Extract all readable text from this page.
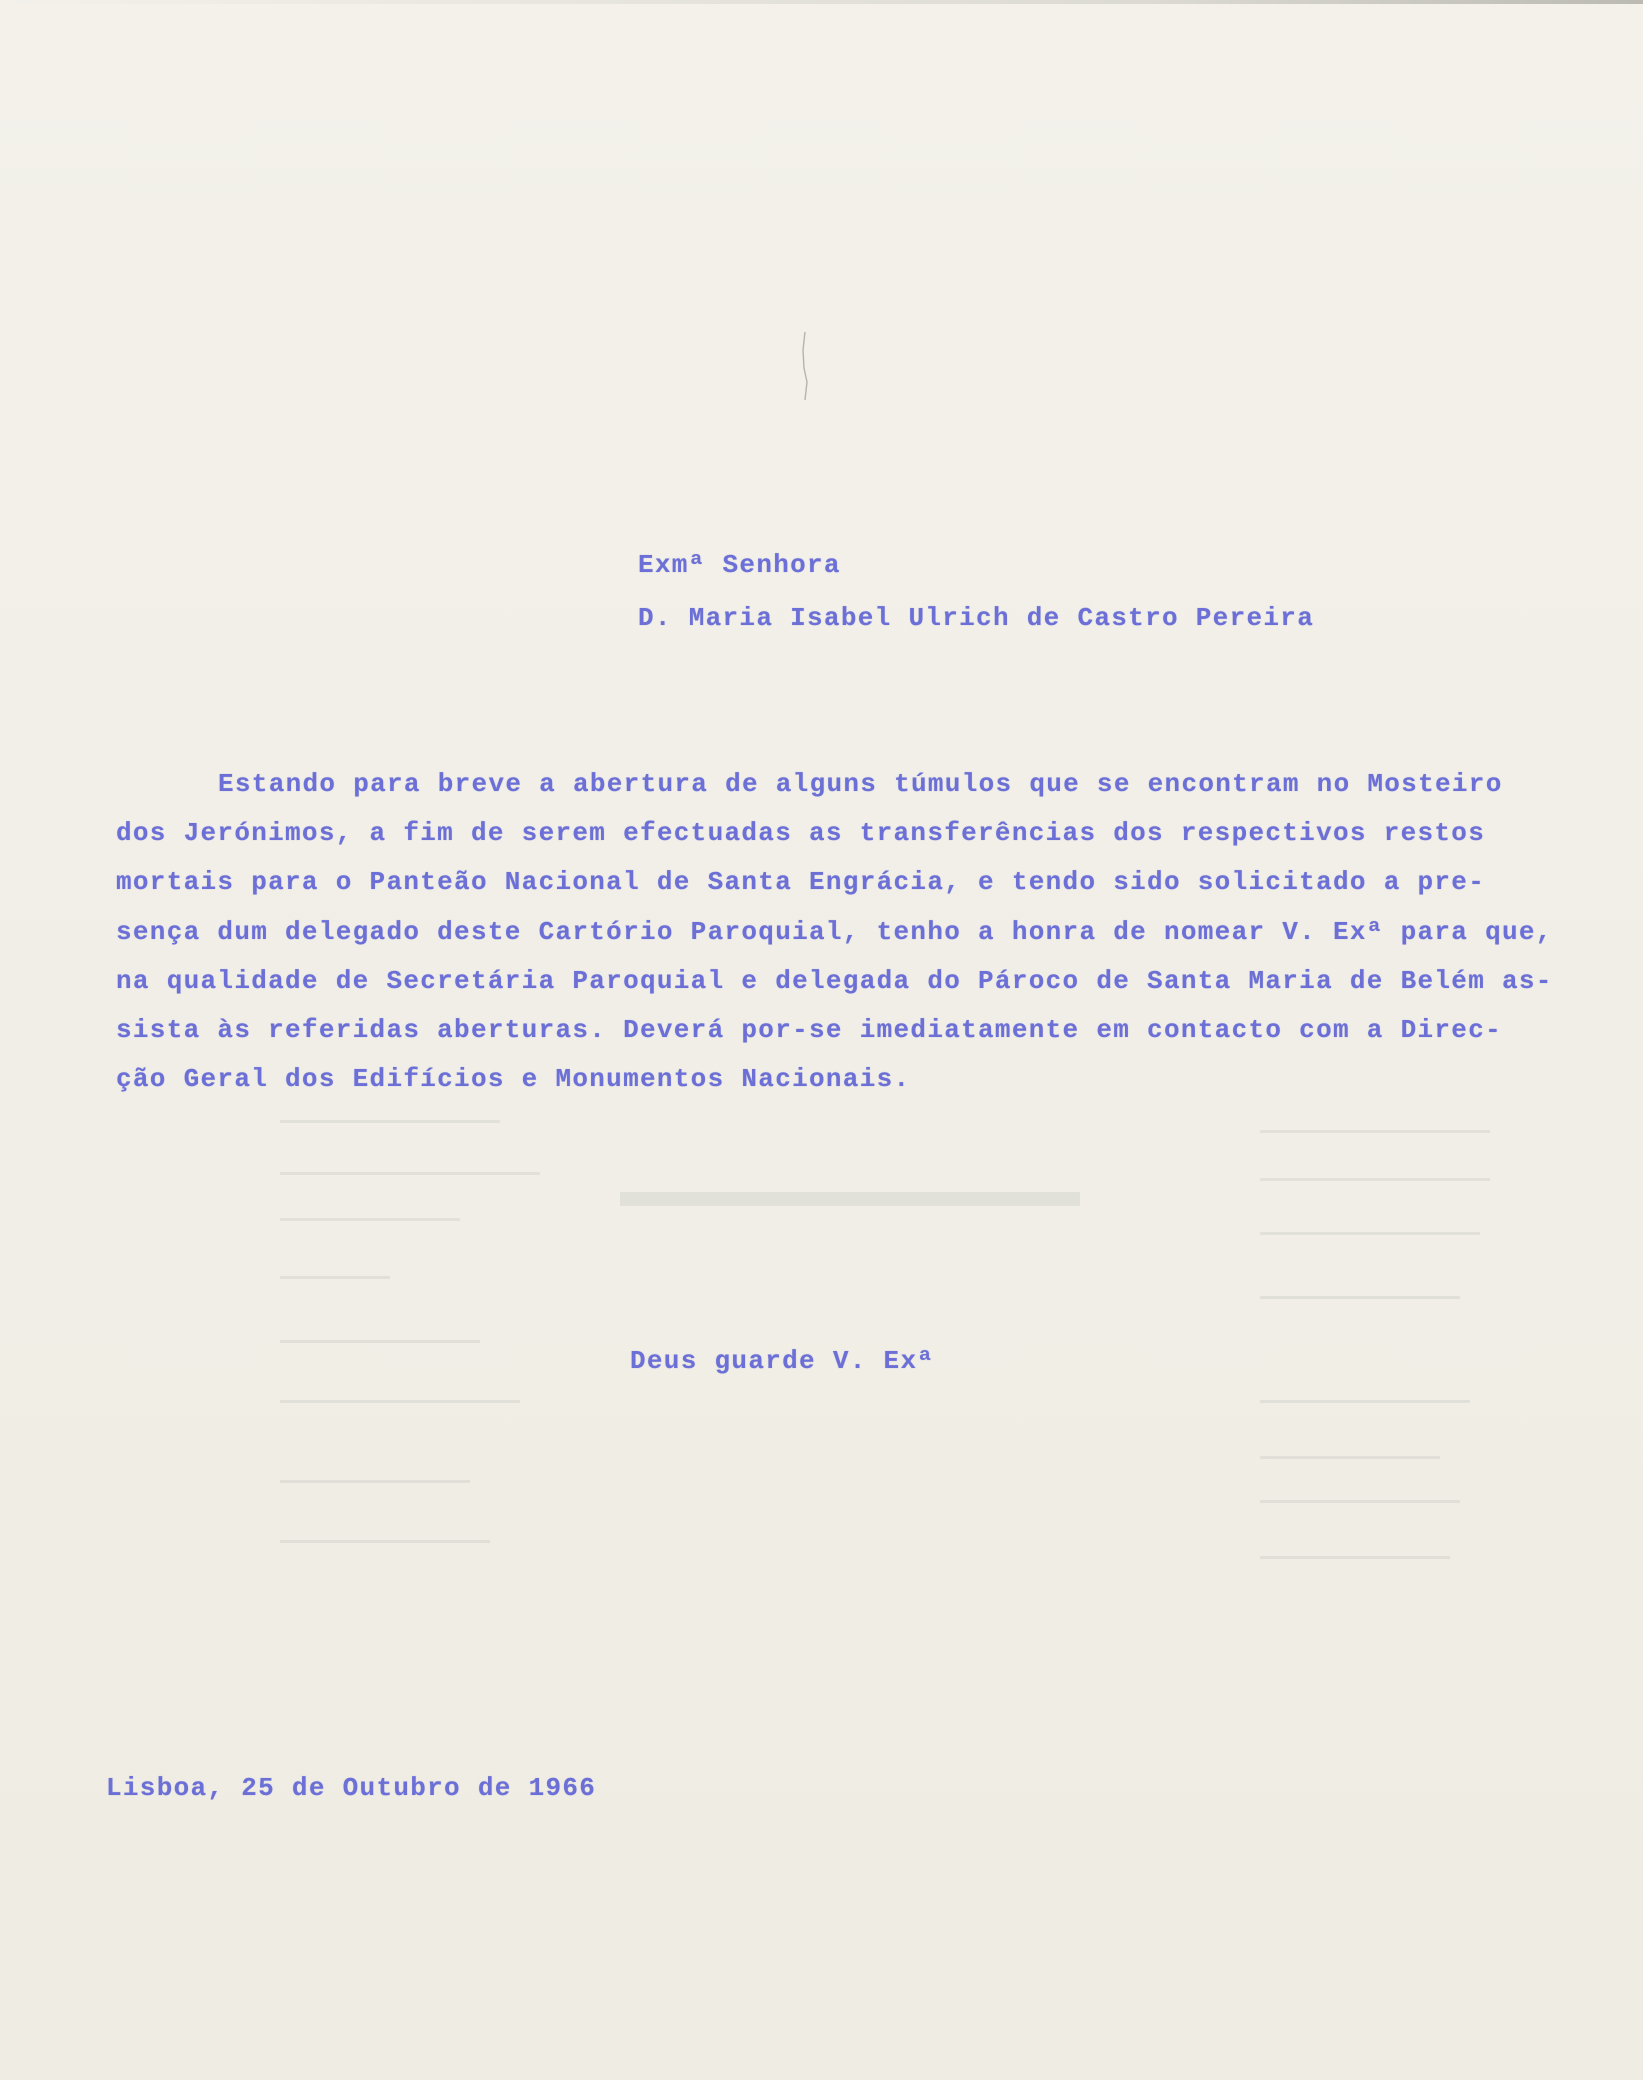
Exmª Senhora
D. Maria Isabel Ulrich de Castro Pereira
Estando para breve a abertura de alguns túmulos que se encontram no Mosteiro
dos Jerónimos, a fim de serem efectuadas as transferências dos respectivos restos
mortais para o Panteão Nacional de Santa Engrácia, e tendo sido solicitado a pre-
sença dum delegado deste Cartório Paroquial, tenho a honra de nomear V. Exª para que,
na qualidade de Secretária Paroquial e delegada do Pároco de Santa Maria de Belém as-
sista às referidas aberturas. Deverá por-se imediatamente em contacto com a Direc-
ção Geral dos Edifícios e Monumentos Nacionais.
Deus guarde V. Exª
Lisboa, 25 de Outubro de 1966
